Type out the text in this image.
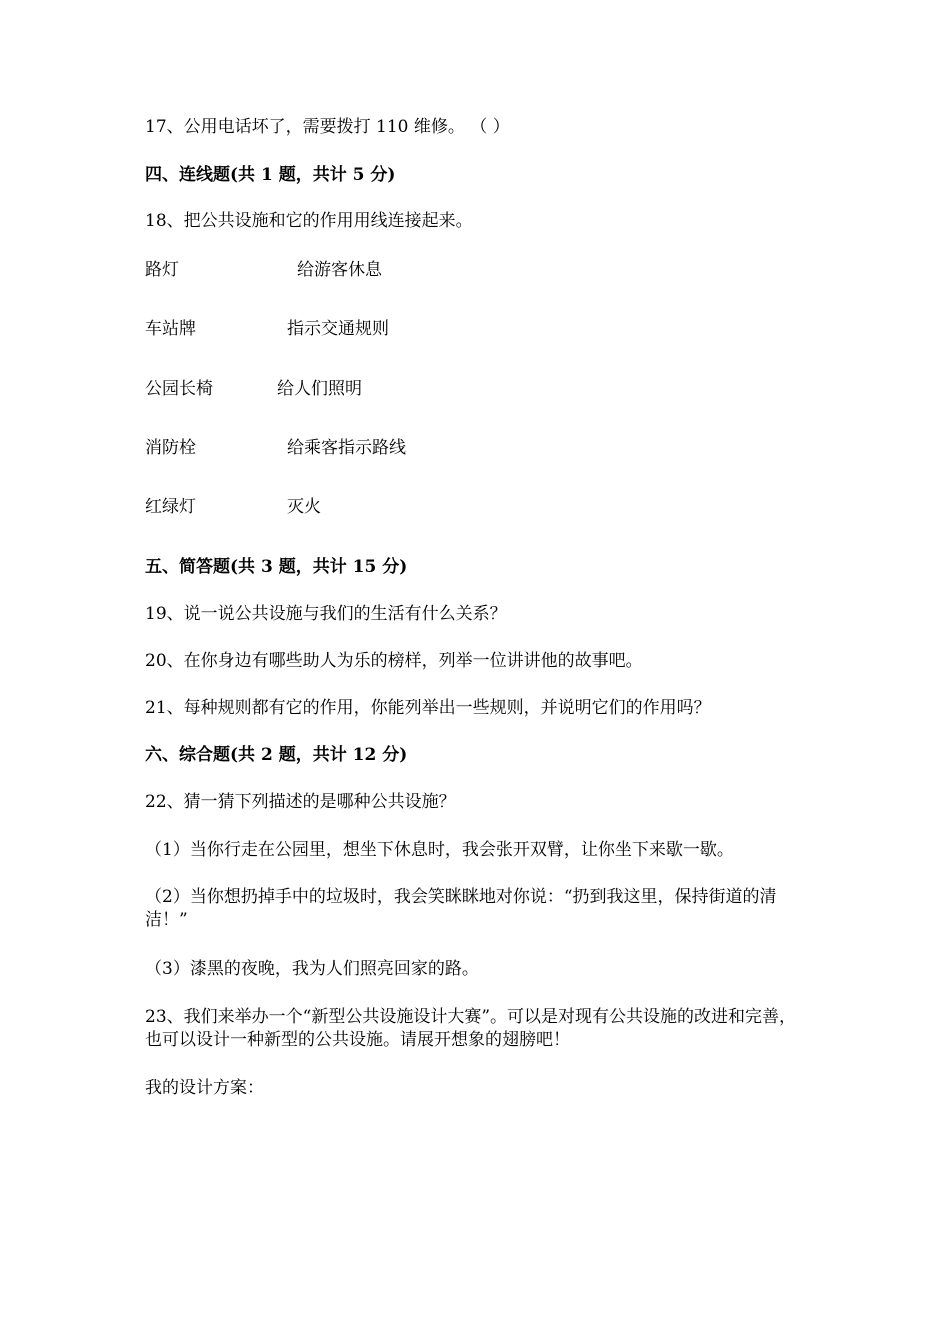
17、公用电话坏了，需要拨打 110 维修。 （ ）
四、连线题(共 1 题，共计 5 分)
18、把公共设施和它的作用用线连接起来。
路灯	给游客休息
车站牌	指示交通规则
公园长椅	给人们照明
消防栓	给乘客指示路线
红绿灯	灭火
五、简答题(共 3 题，共计 15 分)
19、说一说公共设施与我们的生活有什么关系？
20、在你身边有哪些助人为乐的榜样，列举一位讲讲他的故事吧。
21、每种规则都有它的作用，你能列举出一些规则，并说明它们的作用吗？
六、综合题(共 2 题，共计 12 分)
22、猜一猜下列描述的是哪种公共设施？
（1）当你行走在公园里，想坐下休息时，我会张开双臂，让你坐下来歇一歇。
（2）当你想扔掉手中的垃圾时，我会笑眯眯地对你说：“扔到我这里，保持街道的清洁！”
（3）漆黑的夜晚，我为人们照亮回家的路。
23、我们来举办一个“新型公共设施设计大赛”。可以是对现有公共设施的改进和完善，也可以设计一种新型的公共设施。请展开想象的翅膀吧！
我的设计方案：
